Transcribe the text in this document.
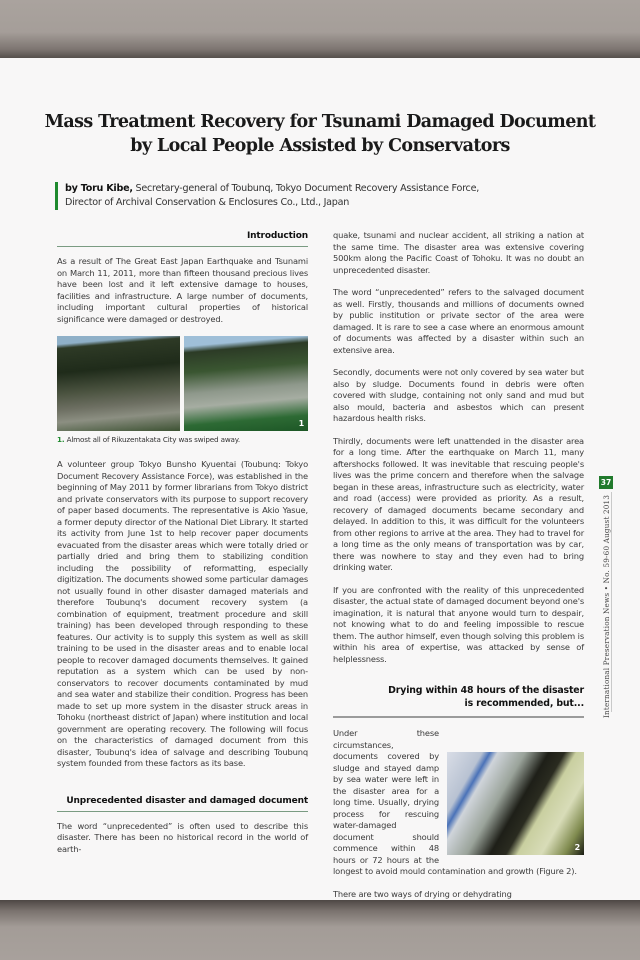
Mass Treatment Recovery for Tsunami Damaged Document
by Local People Assisted by Conservators
by Toru Kibe, Secretary-general of Toubunq, Tokyo Document Recovery Assistance Force,
Director of Archival Conservation & Enclosures Co., Ltd., Japan
Introduction

As a result of The Great East Japan Earthquake and Tsunami on March 11, 2011, more than fifteen thousand precious lives have been lost and it left extensive damage to houses, facilities and infrastructure. A large number of documents, including important cultural properties of historical significance were damaged or destroyed.

1
1. Almost all of Rikuzentakata City was swiped away.

A volunteer group Tokyo Bunsho Kyuentai (Toubunq: Tokyo Document Recovery Assistance Force), was established in the beginning of May 2011 by former librarians from Tokyo district and private conservators with its purpose to support recovery of paper based documents. The representative is Akio Yasue, a former deputy director of the National Diet Library. It started its activity from June 1st to help recover paper documents evacuated from the disaster areas which were totally dried or partially dried and bring them to stabilizing condition including the possibility of reformatting, especially digitization. The documents showed some particular damages not usually found in other disaster damaged materials and therefore Toubunq's document recovery system (a combination of equipment, treatment procedure and skill training) has been developed through responding to these features. Our activity is to supply this system as well as skill training to be used in the disaster areas and to enable local people to recover damaged documents themselves. It gained reputation as a system which can be used by non-conservators to recover documents contaminated by mud and sea water and stabilize their condition. Progress has been made to set up more system in the disaster struck areas in Tohoku (northeast district of Japan) where institution and local government are operating recovery. The following will focus on the characteristics of damaged document from this disaster, Toubunq's idea of salvage and describing Toubunq system founded from these factors as its base.

Unprecedented disaster and damaged document

The word “unprecedented” is often used to describe this disaster. There has been no historical record in the world of earth-

quake, tsunami and nuclear accident, all striking a nation at the same time. The disaster area was extensive covering 500km along the Pacific Coast of Tohoku. It was no doubt an unprecedented disaster.

The word “unprecedented” refers to the salvaged document as well. Firstly, thousands and millions of documents owned by public institution or private sector of the area were damaged. It is rare to see a case where an enormous amount of documents was affected by a disaster within such an extensive area.

Secondly, documents were not only covered by sea water but also by sludge. Documents found in debris were often covered with sludge, containing not only sand and mud but also mould, bacteria and asbestos which can present hazardous health risks.

Thirdly, documents were left unattended in the disaster area for a long time. After the earthquake on March 11, many aftershocks followed. It was inevitable that rescuing people's lives was the prime concern and therefore when the salvage began in these areas, infrastructure such as electricity, water and road (access) were provided as priority. As a result, recovery of damaged documents became secondary and delayed. In addition to this, it was difficult for the volunteers from other regions to arrive at the area. They had to travel for a long time as the only means of transportation was by car, there was nowhere to stay and they even had to bring drinking water.

If you are confronted with the reality of this unprecedented disaster, the actual state of damaged document beyond one's imagination, it is natural that anyone would turn to despair, not knowing what to do and feeling impossible to rescue them. The author himself, even though solving this problem is within his area of expertise, was attacked by sense of helplessness.

Drying within 48 hours of the disaster
is recommended, but...

2
Under these circumstances, documents covered by sludge and stayed damp by sea water were left in the disaster area for a long time. Usually, drying process for rescuing water-damaged document should commence within 48 hours or 72 hours at the longest to avoid mould contamination and growth (Figure 2).

There are two ways of drying or dehydrating

37
International Preservation News • No. 59-60 August 2013
